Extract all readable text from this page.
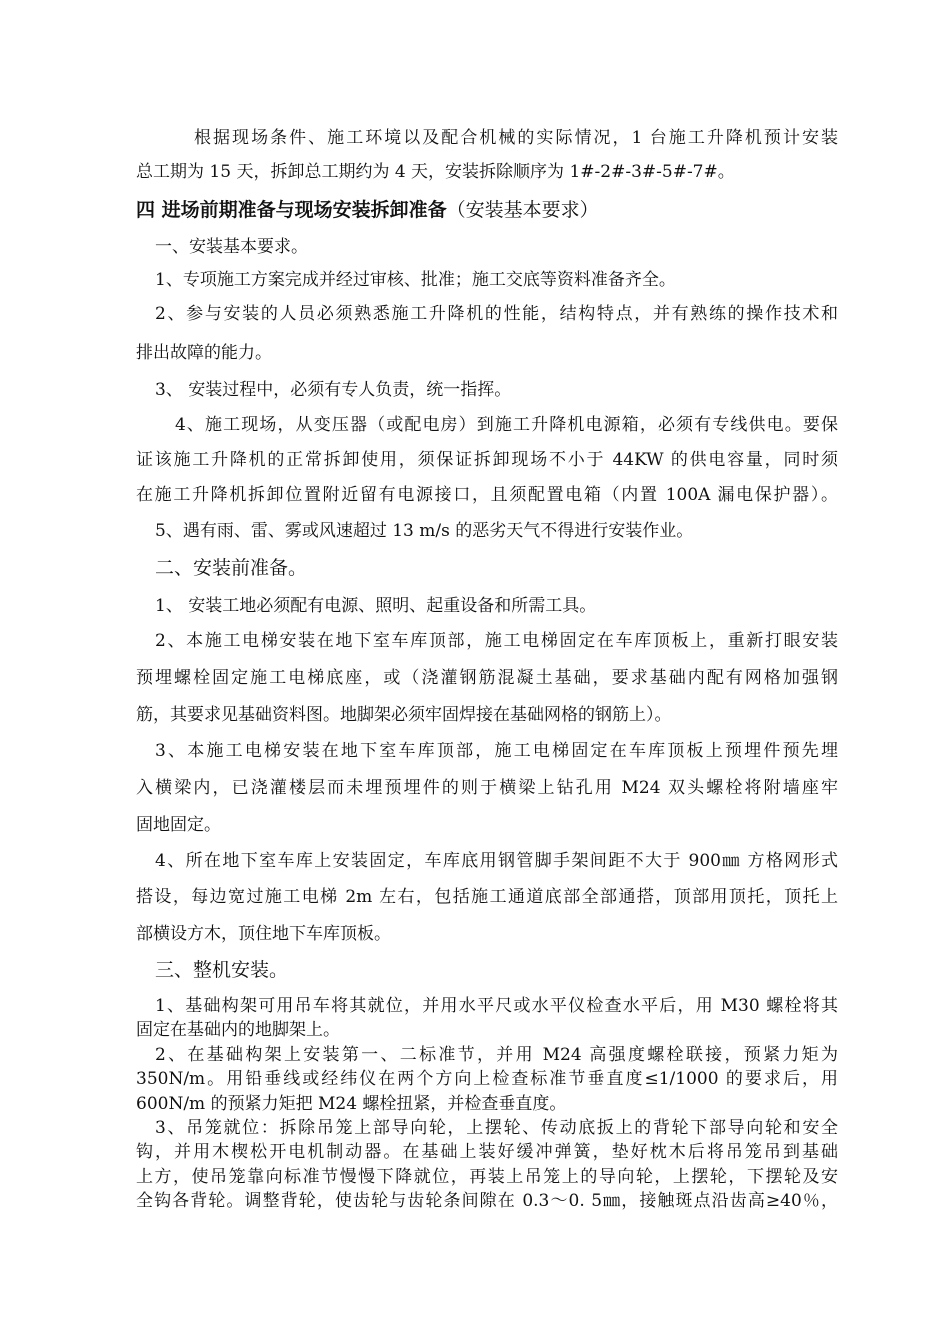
根据现场条件、施工环境以及配合机械的实际情况，1 台施工升降机预计安装
总工期为 15 天，拆卸总工期约为 4 天，安装拆除顺序为 1#-2#-3#-5#-7#。
四 进场前期准备与现场安装拆卸准备（安装基本要求）
一、安装基本要求。
1、专项施工方案完成并经过审核、批准；施工交底等资料准备齐全。
2、参与安装的人员必须熟悉施工升降机的性能，结构特点，并有熟练的操作技术和
排出故障的能力。
3、 安装过程中，必须有专人负责，统一指挥。
4、施工现场，从变压器（或配电房）到施工升降机电源箱，必须有专线供电。要保
证该施工升降机的正常拆卸使用，须保证拆卸现场不小于 44KW 的供电容量，同时须
在施工升降机拆卸位置附近留有电源接口，且须配置电箱（内置 100A 漏电保护器）。
5、遇有雨、雷、雾或风速超过 13 m/s 的恶劣天气不得进行安装作业。
二、安装前准备。
1、 安装工地必须配有电源、照明、起重设备和所需工具。
2、本施工电梯安装在地下室车库顶部，施工电梯固定在车库顶板上，重新打眼安装
预埋螺栓固定施工电梯底座，或（浇灌钢筋混凝土基础，要求基础内配有网格加强钢
筋，其要求见基础资料图。地脚架必须牢固焊接在基础网格的钢筋上）。
3、本施工电梯安装在地下室车库顶部，施工电梯固定在车库顶板上预埋件预先埋
入横梁内，已浇灌楼层而未埋预埋件的则于横梁上钻孔用 M24 双头螺栓将附墙座牢
固地固定。
4、所在地下室车库上安装固定，车库底用钢管脚手架间距不大于 900㎜ 方格网形式
搭设，每边宽过施工电梯 2m 左右，包括施工通道底部全部通搭，顶部用顶托，顶托上
部横设方木，顶住地下车库顶板。
三、整机安装。
1、基础构架可用吊车将其就位，并用水平尺或水平仪检查水平后，用 M30 螺栓将其
固定在基础内的地脚架上。
2、在基础构架上安装第一、二标准节，并用 M24 高强度螺栓联接，预紧力矩为
350N/m。用铅垂线或经纬仪在两个方向上检查标准节垂直度≤1/1000 的要求后，用
600N/m 的预紧力矩把 M24 螺栓扭紧，并检查垂直度。
3、吊笼就位：拆除吊笼上部导向轮，上摆轮、传动底扳上的背轮下部导向轮和安全
钩，并用木楔松开电机制动器。在基础上装好缓冲弹簧，垫好枕木后将吊笼吊到基础
上方，使吊笼靠向标准节慢慢下降就位，再装上吊笼上的导向轮，上摆轮，下摆轮及安
全钩各背轮。调整背轮，使齿轮与齿轮条间隙在 0.3～0. 5㎜，接触斑点沿齿高≥40％，
